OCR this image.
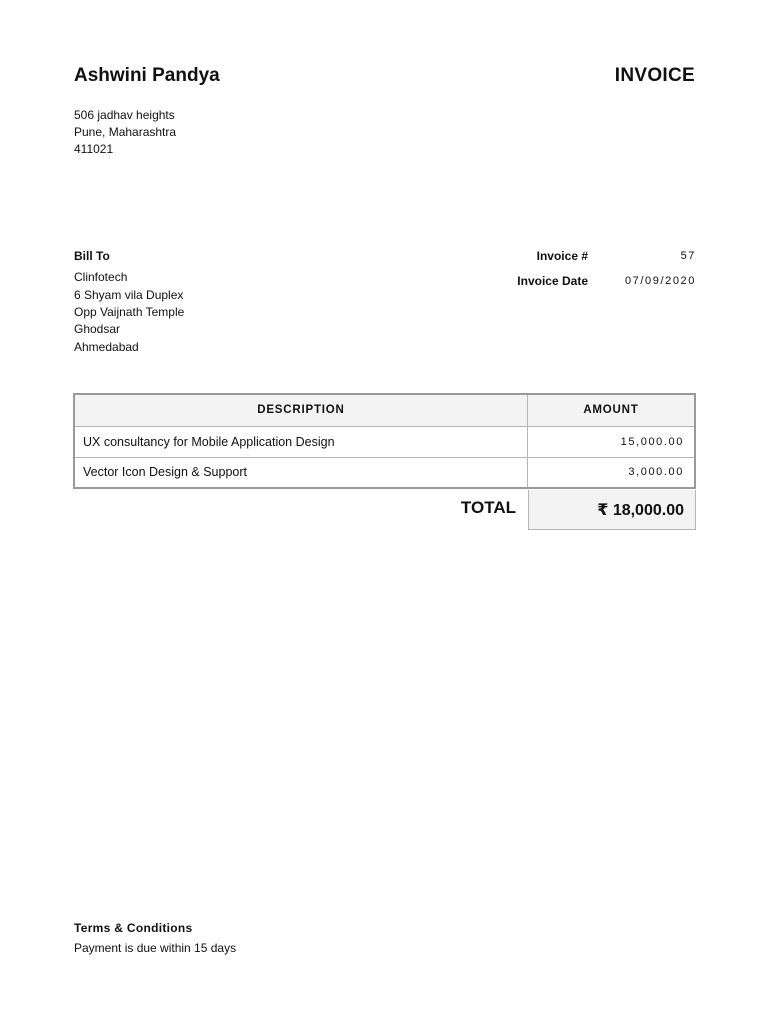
Ashwini Pandya	INVOICE
506 jadhav heights
Pune, Maharashtra
411021
Bill To
Clinfotech
6 Shyam vila Duplex
Opp Vaijnath Temple
Ghodsar
Ahmedabad
Invoice #	57
Invoice Date	07/09/2020
DESCRIPTION	AMOUNT
UX consultancy for Mobile Application Design	15,000.00
Vector Icon Design & Support	3,000.00
TOTAL	₹ 18,000.00
Terms & Conditions
Payment is due within 15 days
